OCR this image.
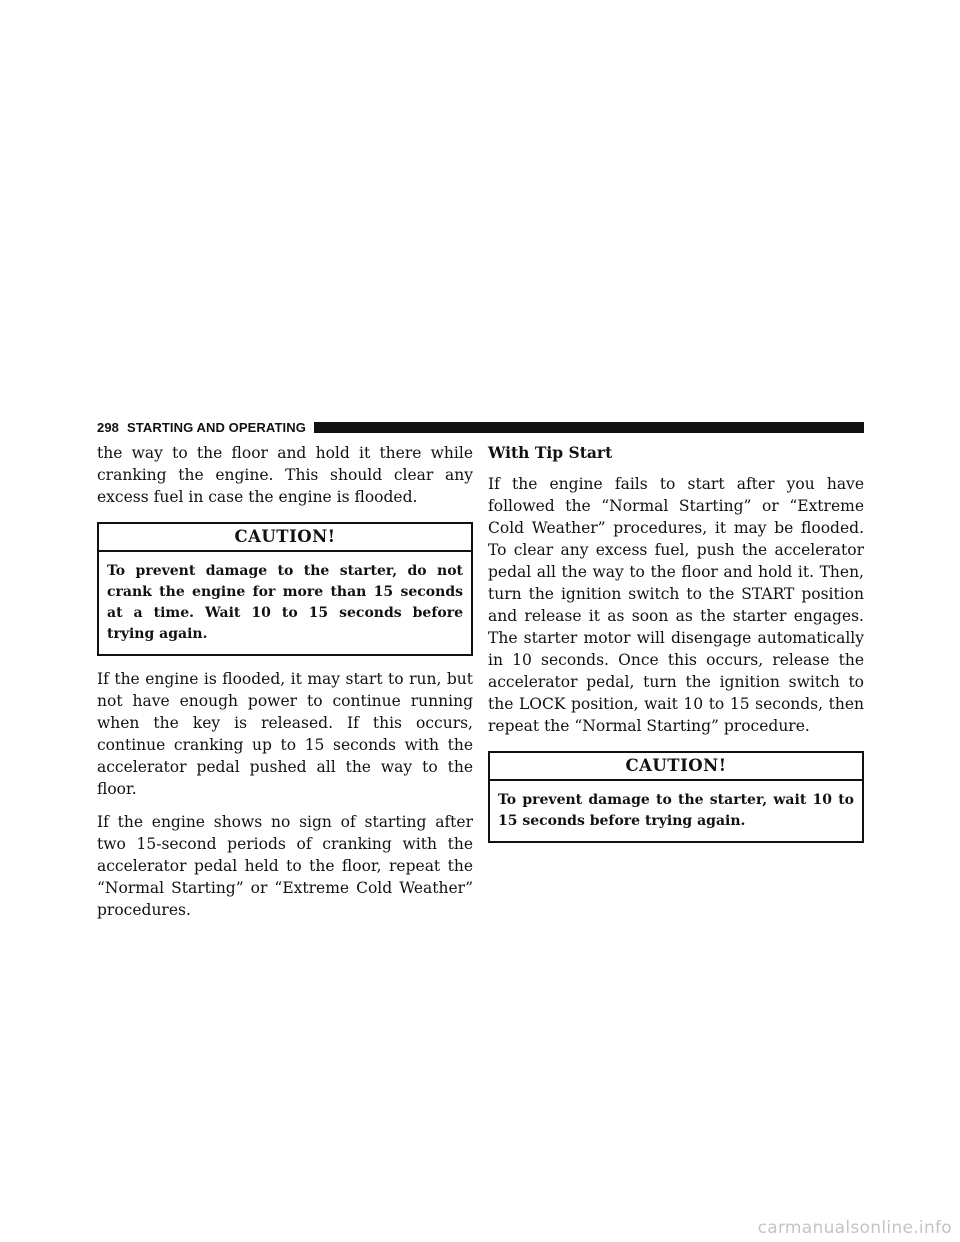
298 STARTING AND OPERATING

the way to the floor and hold it there while cranking the engine. This should clear any excess fuel in case the engine is flooded.

CAUTION!
To prevent damage to the starter, do not crank the engine for more than 15 seconds at a time. Wait 10 to 15 seconds before trying again.

If the engine is flooded, it may start to run, but not have enough power to continue running when the key is released. If this occurs, continue cranking up to 15 seconds with the accelerator pedal pushed all the way to the floor.

If the engine shows no sign of starting after two 15-second periods of cranking with the accelerator pedal held to the floor, repeat the “Normal Starting” or “Extreme Cold Weather” procedures.

With Tip Start

If the engine fails to start after you have followed the “Normal Starting” or “Extreme Cold Weather” procedures, it may be flooded. To clear any excess fuel, push the accelerator pedal all the way to the floor and hold it. Then, turn the ignition switch to the START position and release it as soon as the starter engages. The starter motor will disengage automatically in 10 seconds. Once this occurs, release the accelerator pedal, turn the ignition switch to the LOCK position, wait 10 to 15 seconds, then repeat the “Normal Starting” procedure.

CAUTION!
To prevent damage to the starter, wait 10 to 15 seconds before trying again.
carmanualsonline.info
